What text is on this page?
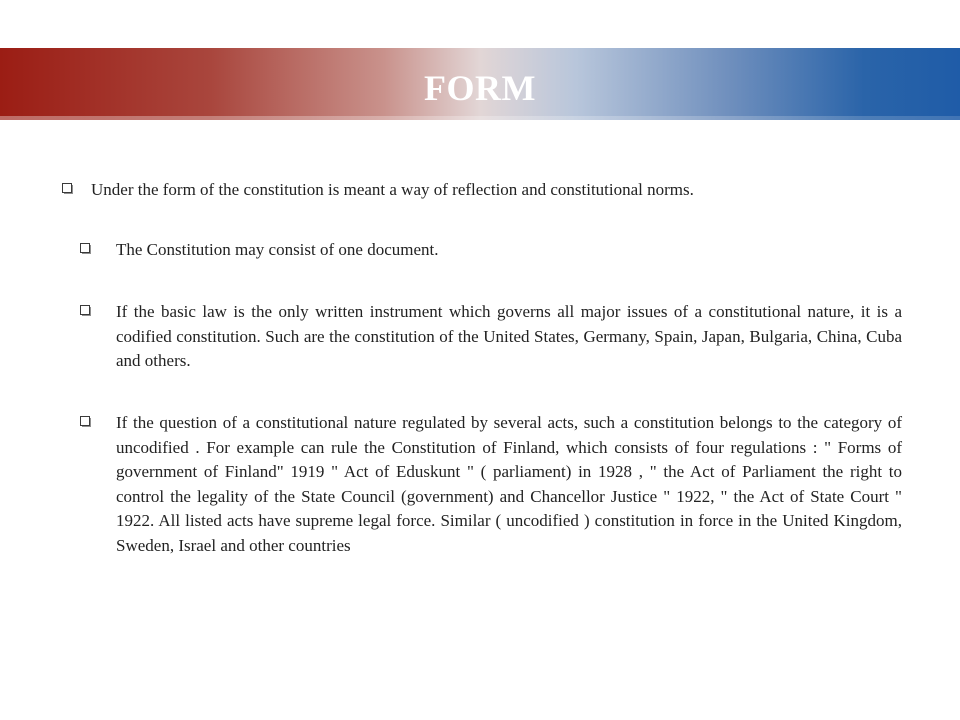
FORM
Under the form of the constitution is meant a way of reflection and constitutional norms.
The Constitution may consist of one document.
If the basic law is the only written instrument which governs all major issues of a constitutional nature, it is a codified constitution. Such are the constitution of the United States, Germany, Spain, Japan, Bulgaria, China, Cuba and others.
If the question of a constitutional nature regulated by several acts, such a constitution belongs to the category of uncodified . For example can rule the Constitution of Finland, which consists of four regulations : " Forms of government of Finland" 1919 " Act of Eduskunt " ( parliament) in 1928 , " the Act of Parliament the right to control the legality of the State Council (government) and Chancellor Justice " 1922, " the Act of State Court " 1922. All listed acts have supreme legal force. Similar ( uncodified ) constitution in force in the United Kingdom, Sweden, Israel and other countries
